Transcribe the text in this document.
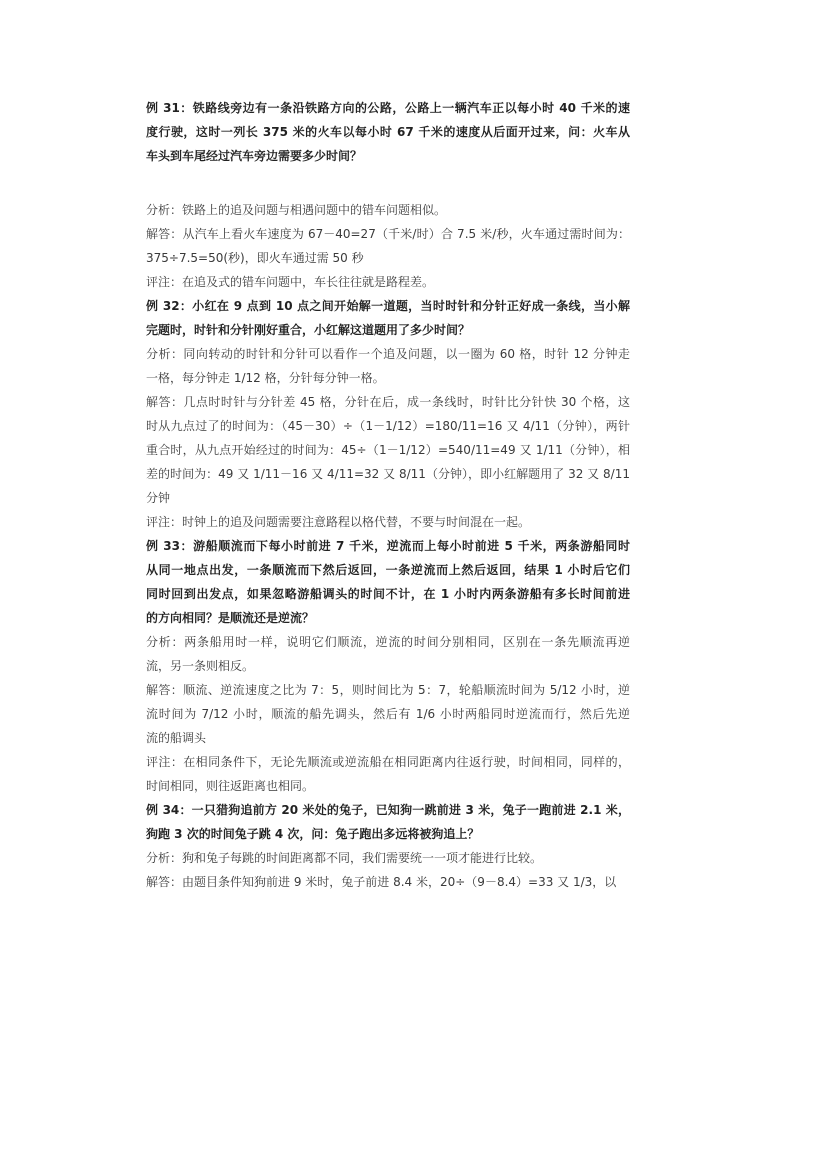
例 31：铁路线旁边有一条沿铁路方向的公路，公路上一辆汽车正以每小时 40 千米的速
度行驶，这时一列长 375 米的火车以每小时 67 千米的速度从后面开过来，问：火车从
车头到车尾经过汽车旁边需要多少时间？
分析：铁路上的追及问题与相遇问题中的错车问题相似。
解答：从汽车上看火车速度为 67－40=27（千米/时）合 7.5 米/秒，火车通过需时间为：
375÷7.5=50(秒)，即火车通过需 50 秒
评注：在追及式的错车问题中，车长往往就是路程差。
例 32：小红在 9 点到 10 点之间开始解一道题，当时时针和分针正好成一条线，当小解
完题时，时针和分针刚好重合，小红解这道题用了多少时间？
分析：同向转动的时针和分针可以看作一个追及问题，以一圈为 60 格，时针 12 分钟走
一格，每分钟走 1/12 格，分针每分钟一格。
解答：几点时时针与分针差 45 格，分针在后，成一条线时，时针比分针快 30 个格，这
时从九点过了的时间为：（45－30）÷（1－1/12）=180/11=16 又 4/11（分钟），两针
重合时，从九点开始经过的时间为：45÷（1－1/12）=540/11=49 又 1/11（分钟），相
差的时间为：49 又 1/11－16 又 4/11=32 又 8/11（分钟），即小红解题用了 32 又 8/11
分钟
评注：时钟上的追及问题需要注意路程以格代替，不要与时间混在一起。
例 33：游船顺流而下每小时前进 7 千米，逆流而上每小时前进 5 千米，两条游船同时
从同一地点出发，一条顺流而下然后返回，一条逆流而上然后返回，结果 1 小时后它们
同时回到出发点，如果忽略游船调头的时间不计，在 1 小时内两条游船有多长时间前进
的方向相同？是顺流还是逆流？
分析：两条船用时一样，说明它们顺流，逆流的时间分别相同，区别在一条先顺流再逆
流，另一条则相反。
解答：顺流、逆流速度之比为 7：5，则时间比为 5：7，轮船顺流时间为 5/12 小时，逆
流时间为 7/12 小时，顺流的船先调头，然后有 1/6 小时两船同时逆流而行，然后先逆
流的船调头
评注：在相同条件下，无论先顺流或逆流船在相同距离内往返行驶，时间相同，同样的，
时间相同，则往返距离也相同。
例 34：一只猎狗追前方 20 米处的兔子，已知狗一跳前进 3 米，兔子一跑前进 2.1 米，
狗跑 3 次的时间兔子跳 4 次，问：兔子跑出多远将被狗追上？
分析：狗和兔子每跳的时间距离都不同，我们需要统一一项才能进行比较。
解答：由题目条件知狗前进 9 米时，兔子前进 8.4 米，20÷（9－8.4）=33 又 1/3，以
